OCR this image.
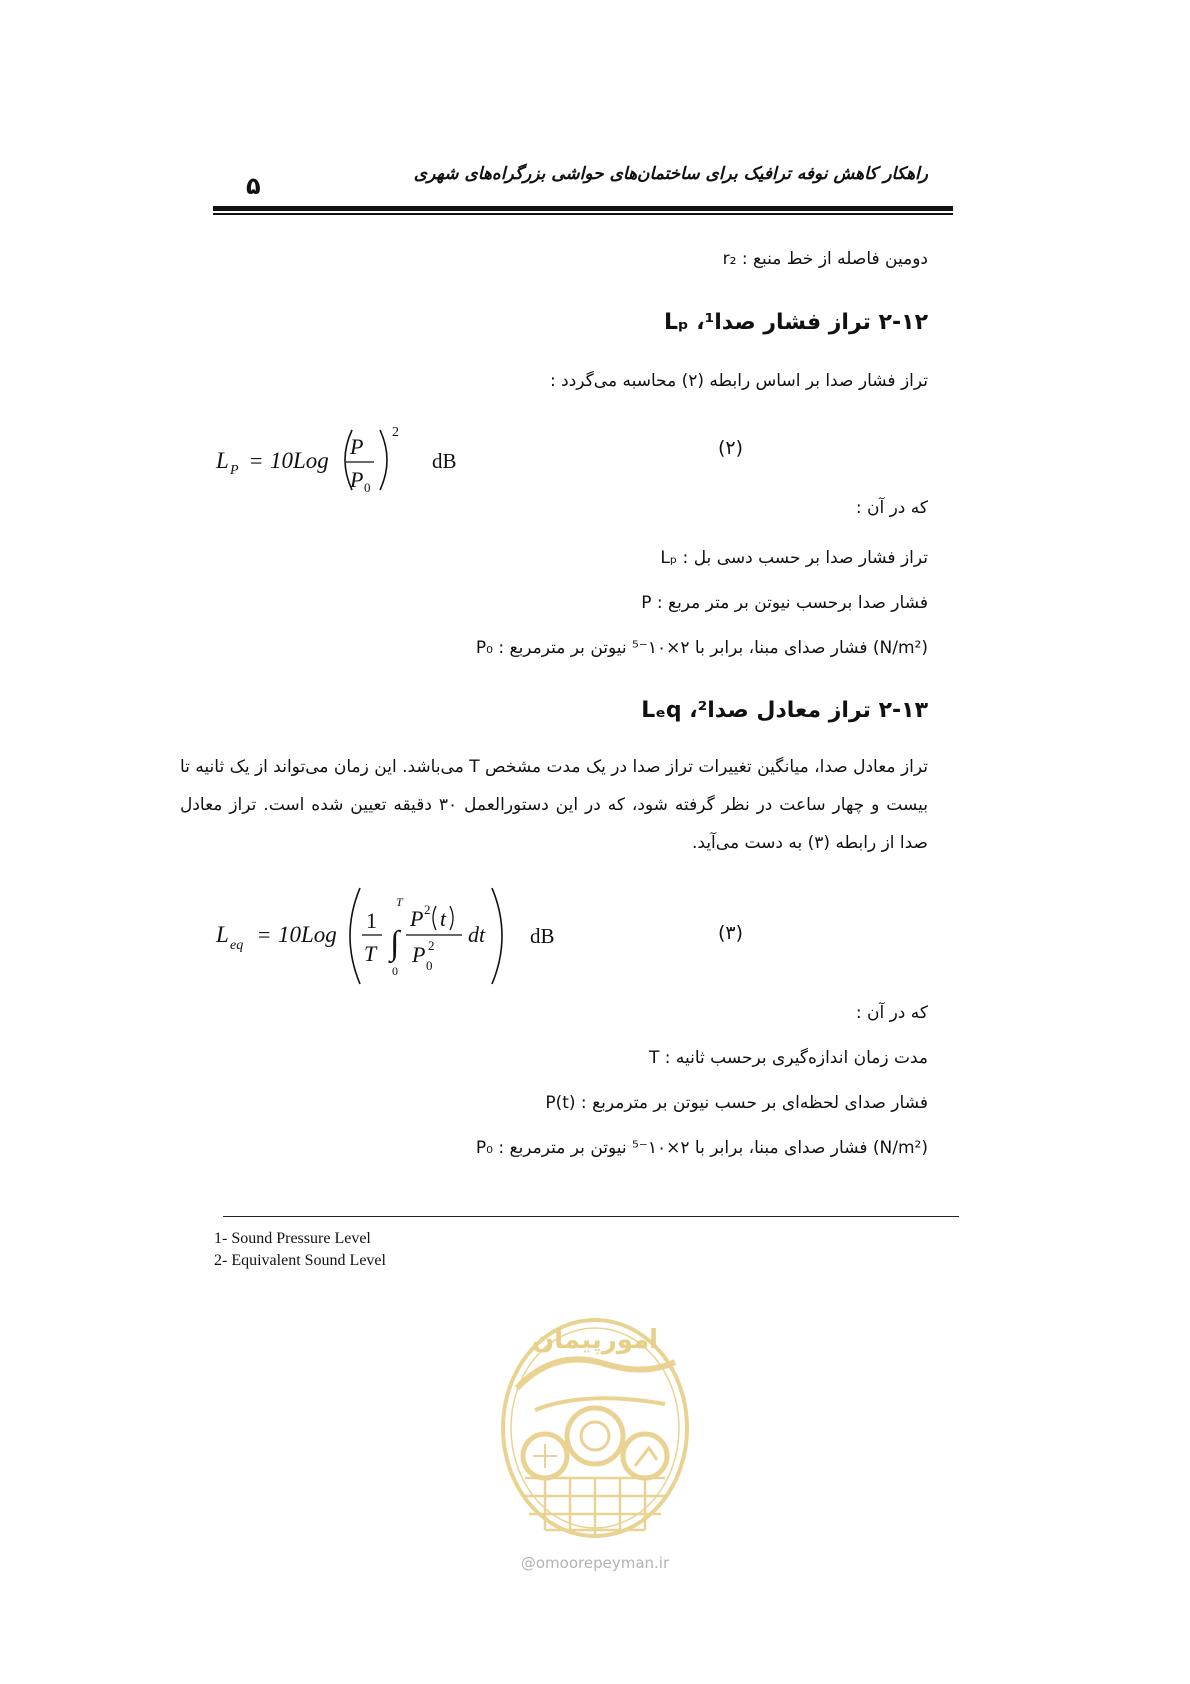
راهکار کاهش نوفه ترافیک برای ساختمان‌های حواشی بزرگراه‌های شهری
۵
r₂ : دومین فاصله از خط منبع
۲-۱۲ تراز فشار صدا¹، Lₚ
تراز فشار صدا بر اساس رابطه (۲) محاسبه می‌گردد :
L P = 10Log
P
P 0
2
dB
(۲)
که در آن :
Lₚ : تراز فشار صدا بر حسب دسی بل
P : فشار صدا برحسب نیوتن بر متر مربع
P₀ : فشار صدای مبنا، برابر با ۲×۱۰⁻⁵ نیوتن بر مترمربع (N/m²)
۲-۱۳ تراز معادل صدا²، Lₑq
تراز معادل صدا، میانگین تغییرات تراز صدا در یک مدت مشخص T می‌باشد. این زمان می‌تواند از یک ثانیه تا بیست و چهار ساعت در نظر گرفته شود، که در این دستورالعمل ۳۰ دقیقه تعیین شده است. تراز معادل صدا از رابطه (۳) به دست می‌آید.
L eq = 10Log
1
T ∫
T
0
P 2 t
P 2
0
dt dB	(۳)
که در آن :
T : مدت زمان اندازه‌گیری برحسب ثانیه
P(t) : فشار صدای لحظه‌ای بر حسب نیوتن بر مترمربع
P₀ : فشار صدای مبنا، برابر با ۲×۱۰⁻⁵ نیوتن بر مترمربع (N/m²)
1- Sound Pressure Level
2- Equivalent Sound Level
امورپیمان
@omoorepeyman.ir
